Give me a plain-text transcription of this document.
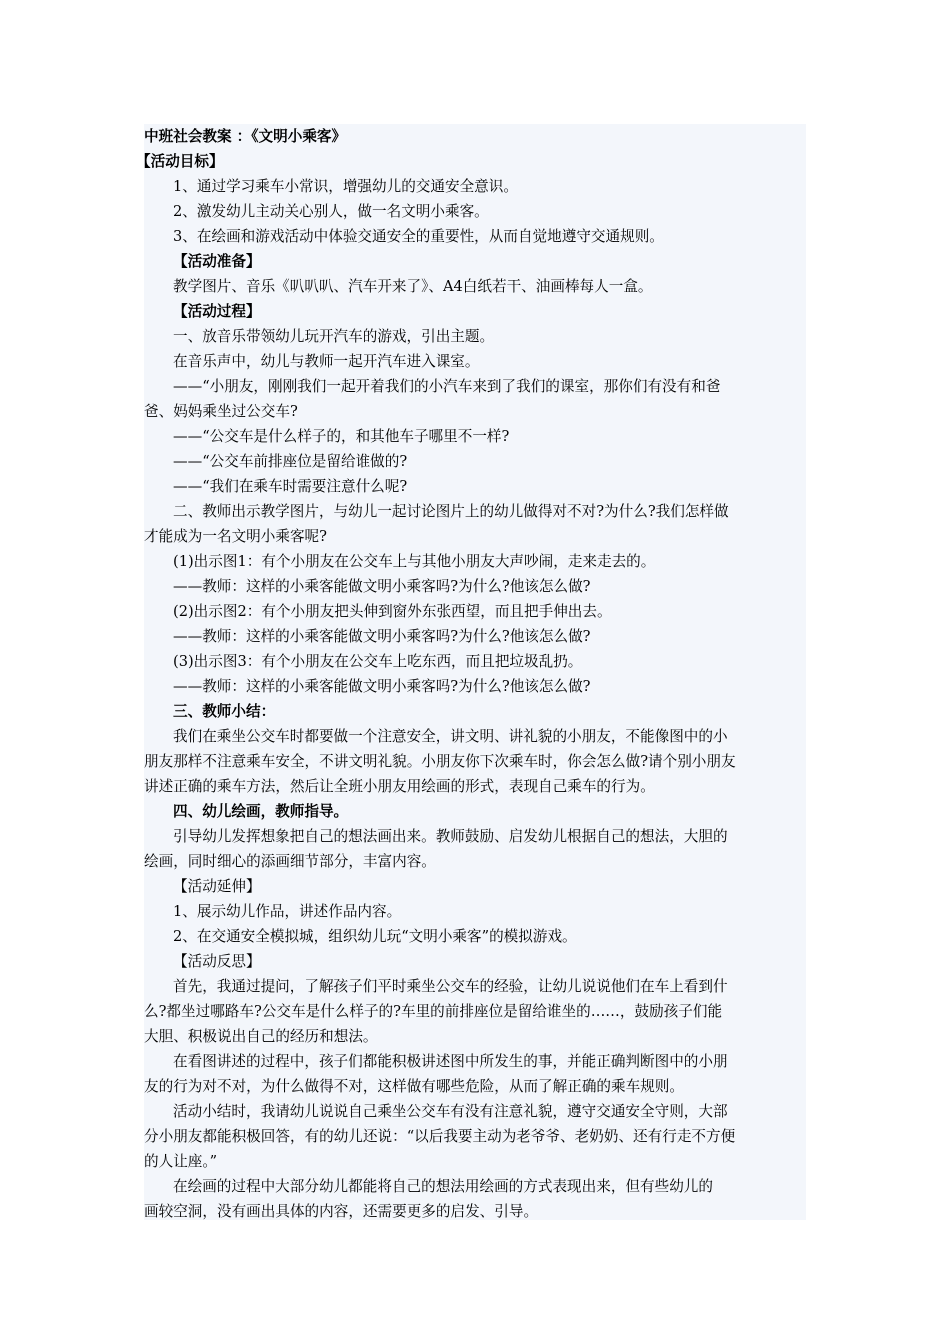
中班社会教案 ：《文明小乘客》
【活动目标】
1、通过学习乘车小常识，增强幼儿的交通安全意识。
2、激发幼儿主动关心别人，做一名文明小乘客。
3、在绘画和游戏活动中体验交通安全的重要性，从而自觉地遵守交通规则。
【活动准备】
教学图片、音乐《叭叭叭、汽车开来了》、A4白纸若干、油画棒每人一盒。
【活动过程】
一、放音乐带领幼儿玩开汽车的游戏，引出主题。
在音乐声中，幼儿与教师一起开汽车进入课室。
——“小朋友，刚刚我们一起开着我们的小汽车来到了我们的课室，那你们有没有和爸
爸、妈妈乘坐过公交车?
——“公交车是什么样子的，和其他车子哪里不一样?
——“公交车前排座位是留给谁做的?
——“我们在乘车时需要注意什么呢?
二、教师出示教学图片，与幼儿一起讨论图片上的幼儿做得对不对?为什么?我们怎样做
才能成为一名文明小乘客呢?
(1)出示图1：有个小朋友在公交车上与其他小朋友大声吵闹，走来走去的。
——教师：这样的小乘客能做文明小乘客吗?为什么?他该怎么做?
(2)出示图2：有个小朋友把头伸到窗外东张西望，而且把手伸出去。
——教师：这样的小乘客能做文明小乘客吗?为什么?他该怎么做?
(3)出示图3：有个小朋友在公交车上吃东西，而且把垃圾乱扔。
——教师：这样的小乘客能做文明小乘客吗?为什么?他该怎么做?
三、教师小结：
我们在乘坐公交车时都要做一个注意安全，讲文明、讲礼貌的小朋友，不能像图中的小
朋友那样不注意乘车安全，不讲文明礼貌。小朋友你下次乘车时，你会怎么做?请个别小朋友
讲述正确的乘车方法，然后让全班小朋友用绘画的形式，表现自己乘车的行为。
四、幼儿绘画，教师指导。
引导幼儿发挥想象把自己的想法画出来。教师鼓励、启发幼儿根据自己的想法，大胆的
绘画，同时细心的添画细节部分，丰富内容。
【活动延伸】
1、展示幼儿作品，讲述作品内容。
2、在交通安全模拟城，组织幼儿玩“文明小乘客”的模拟游戏。
【活动反思】
首先，我通过提问，了解孩子们平时乘坐公交车的经验，让幼儿说说他们在车上看到什
么?都坐过哪路车?公交车是什么样子的?车里的前排座位是留给谁坐的……，鼓励孩子们能
大胆、积极说出自己的经历和想法。
在看图讲述的过程中，孩子们都能积极讲述图中所发生的事，并能正确判断图中的小朋
友的行为对不对，为什么做得不对，这样做有哪些危险，从而了解正确的乘车规则。
活动小结时，我请幼儿说说自己乘坐公交车有没有注意礼貌，遵守交通安全守则，大部
分小朋友都能积极回答，有的幼儿还说：“以后我要主动为老爷爷、老奶奶、还有行走不方便
的人让座。”
在绘画的过程中大部分幼儿都能将自己的想法用绘画的方式表现出来，但有些幼儿的
画较空洞，没有画出具体的内容，还需要更多的启发、引导。
